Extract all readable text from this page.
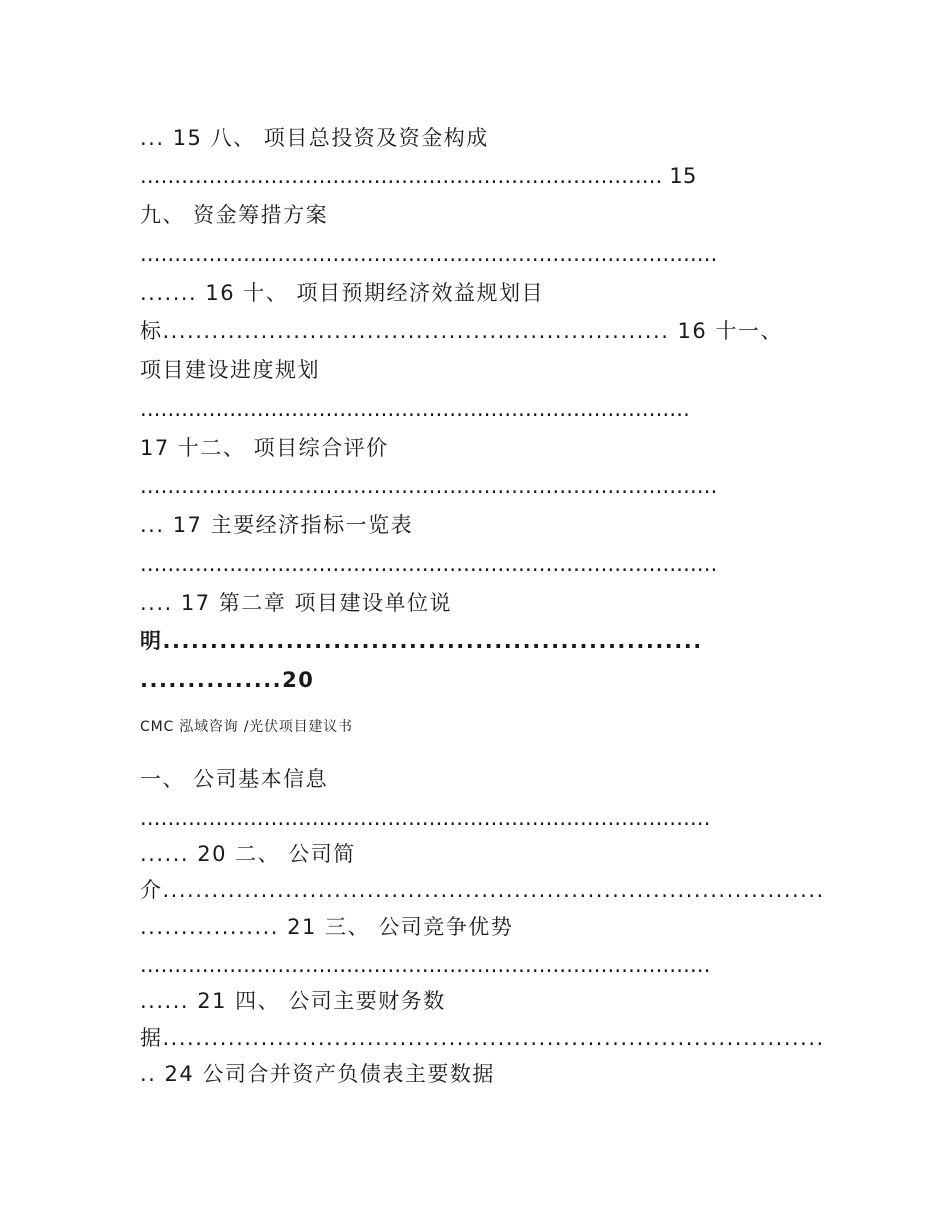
... 15 八、 项目总投资及资金构成
............................................................................ 15
九、 资金筹措方案
....................................................................................
....... 16 十、 项目预期经济效益规划目
标.............................................................. 16 十一、
项目建设进度规划
................................................................................
17 十二、 项目综合评价
....................................................................................
... 17 主要经济指标一览表
....................................................................................
.... 17 第二章 项目建设单位说
明.........................................................
...............20
CMC 泓域咨询 /光伏项目建议书
一、 公司基本信息
...................................................................................
...... 20 二、 公司简
介.................................................................................
................. 21 三、 公司竞争优势
...................................................................................
...... 21 四、 公司主要财务数
据.................................................................................
.. 24 公司合并资产负债表主要数据
